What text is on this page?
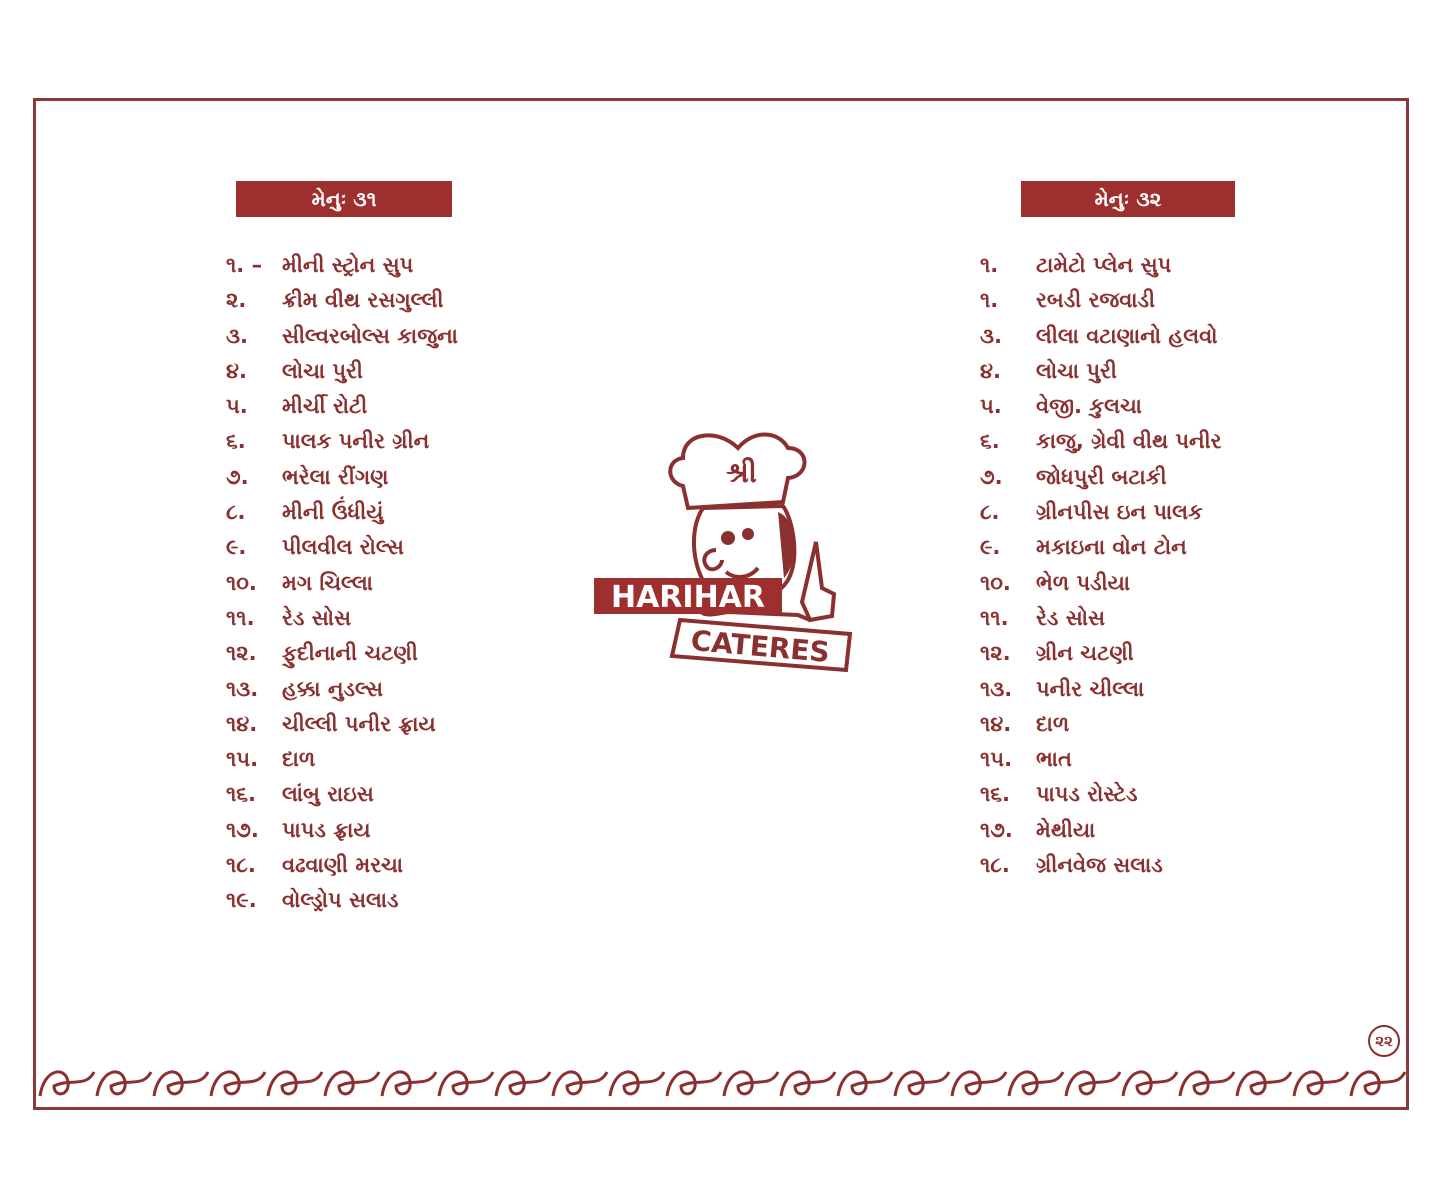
મેનુઃ ૩૧
૧. – મીની સ્ટ્રોન સુપ
૨. ક્રીમ વીથ રસગુલ્લી
૩. સીલ્વરબોલ્સ કાજુના
૪. લોચા પુરી
૫. મીર્ચી રોટી
૬. પાલક પનીર ગ્રીન
૭. ભરેલા રીંગણ
૮. મીની ઉંધીયું
૯. પીલવીલ રોલ્સ
૧૦. મગ ચિલ્લા
૧૧. રેડ સોસ
૧૨. ફુદીનાની ચટણી
૧૩. હક્કા નુડલ્સ
૧૪. ચીલ્લી પનીર ફ્રાય
૧૫. દાળ
૧૬. લાંબુ રાઇસ
૧૭. પાપડ ફ્રાય
૧૮. વઢવાણી મરચા
૧૯. વોલ્ડ્રોપ સલાડ
મેનુઃ ૩૨
૧. ટામેટો પ્લેન સુપ
૧. રબડી રજવાડી
૩. લીલા વટાણાનો હલવો
૪. લોચા પુરી
૫. વેજી. કુલચા
૬. કાજુ, ગ્રેવી વીથ પનીર
૭. જોધપુરી બટાકી
૮. ગ્રીનપીસ ઇન પાલક
૯. મકાઇના વોન ટોન
૧૦. ભેળ પડીયા
૧૧. રેડ સોસ
૧૨. ગ્રીન ચટણી
૧૩. પનીર ચીલ્લા
૧૪. દાળ
૧૫. ભાત
૧૬. પાપડ રોસ્ટેડ
૧૭. મેથીયા
૧૮. ગ્રીનવેજ સલાડ
શ્રી
HARIHAR
CATERES
૨૨
